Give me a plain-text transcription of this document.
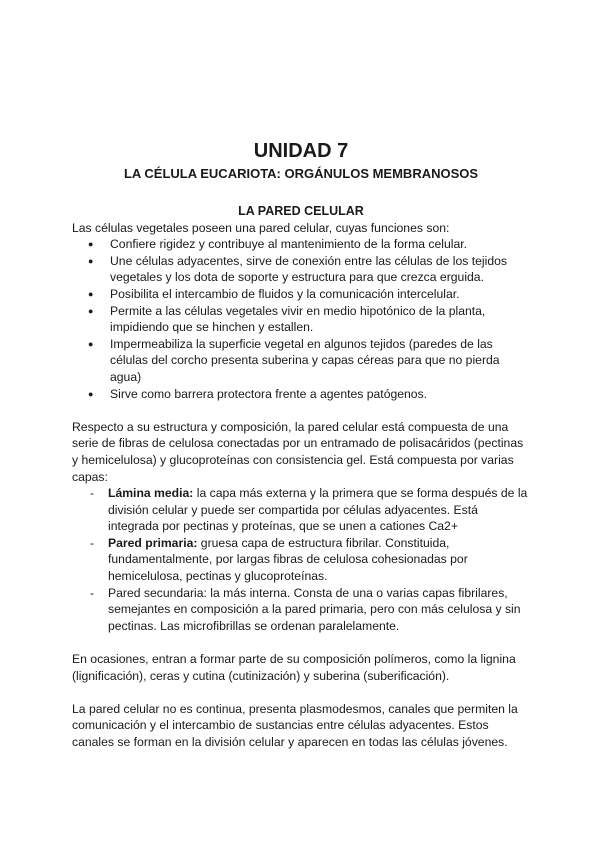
UNIDAD 7
LA CÉLULA EUCARIOTA: ORGÁNULOS MEMBRANOSOS
LA PARED CELULAR

Las células vegetales poseen una pared celular, cuyas funciones son:

● Confiere rigidez y contribuye al mantenimiento de la forma celular.
● Une células adyacentes, sirve de conexión entre las células de los tejidos vegetales y los dota de soporte y estructura para que crezca erguida.
● Posibilita el intercambio de fluidos y la comunicación intercelular.
● Permite a las células vegetales vivir en medio hipotónico de la planta, impidiendo que se hinchen y estallen.
● Impermeabiliza la superficie vegetal en algunos tejidos (paredes de las células del corcho presenta suberina y capas céreas para que no pierda agua)
● Sirve como barrera protectora frente a agentes patógenos.

Respecto a su estructura y composición, la pared celular está compuesta de una serie de fibras de celulosa conectadas por un entramado de polisacáridos (pectinas y hemicelulosa) y glucoproteínas con consistencia gel. Está compuesta por varias capas:

- Lámina media: la capa más externa y la primera que se forma después de la división celular y puede ser compartida por células adyacentes. Está integrada por pectinas y proteínas, que se unen a cationes Ca2+
- Pared primaria: gruesa capa de estructura fibrilar. Constituida, fundamentalmente, por largas fibras de celulosa cohesionadas por hemicelulosa, pectinas y glucoproteínas.
- Pared secundaria: la más interna. Consta de una o varias capas fibrilares, semejantes en composición a la pared primaria, pero con más celulosa y sin pectinas. Las microfibrillas se ordenan paralelamente.

En ocasiones, entran a formar parte de su composición polímeros, como la lignina (lignificación), ceras y cutina (cutinización) y suberina (suberificación).

La pared celular no es continua, presenta plasmodesmos, canales que permiten la comunicación y el intercambio de sustancias entre células adyacentes. Estos canales se forman en la división celular y aparecen en todas las células jóvenes.
